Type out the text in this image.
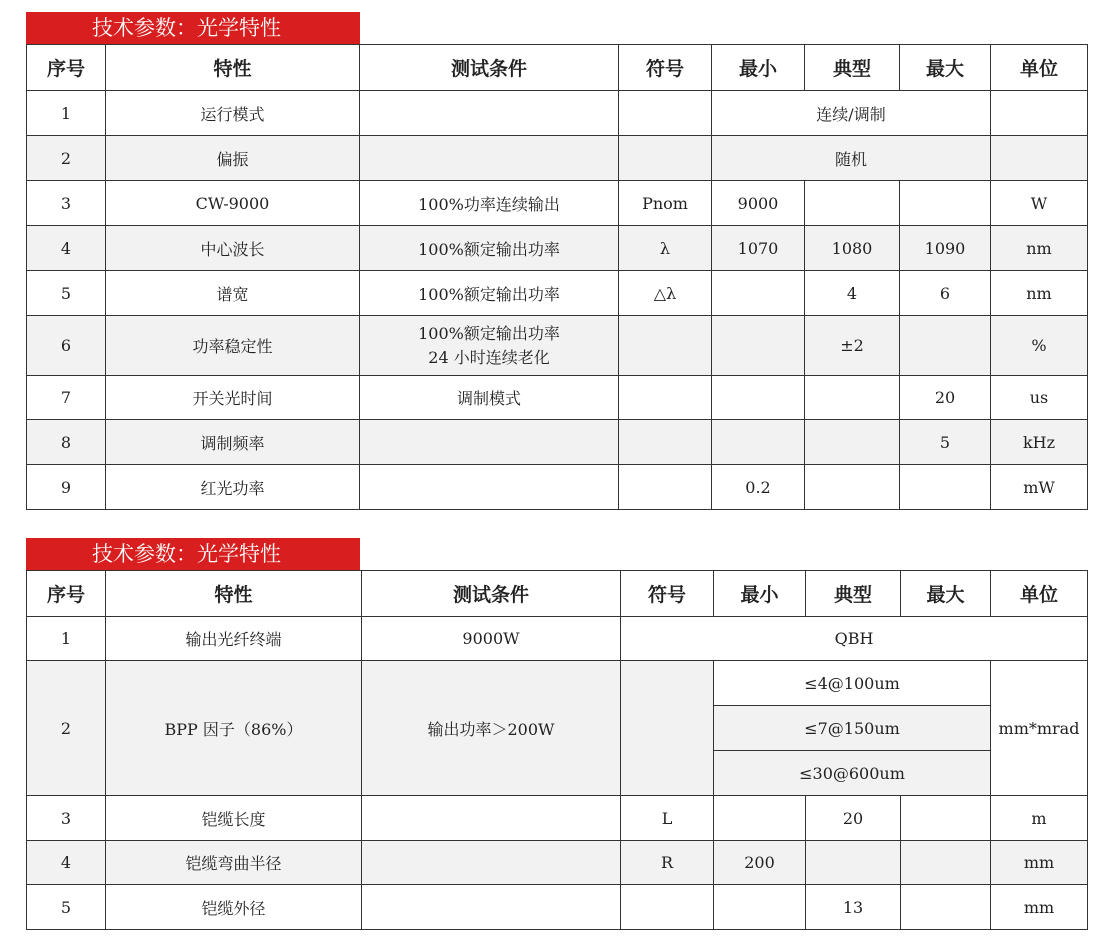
技术参数：光学特性
序号	特性	测试条件	符号	最小	典型	最大	单位
1	运行模式			连续/调制			
2	偏振			随机			
3	CW-9000	100%功率连续输出	Pnom	9000			W
4	中心波长	100%额定输出功率	λ	1070	1080	1090	nm
5	谱宽	100%额定输出功率	△λ		4	6	nm
6	功率稳定性	100%额定输出功率
24 小时连续老化			±2		%
7	开关光时间	调制模式				20	us
8	调制频率					5	kHz
9	红光功率			0.2			mW
技术参数：光学特性
序号	特性	测试条件	符号	最小	典型	最大	单位
1	输出光纤终端	9000W	QBH				
2	BPP 因子（86%）	输出功率＞200W		≤4@100um			mm*mrad
				≤7@150um			
				≤30@600um			
3	铠缆长度		L		20		m
4	铠缆弯曲半径		R	200			mm
5	铠缆外径				13		mm
